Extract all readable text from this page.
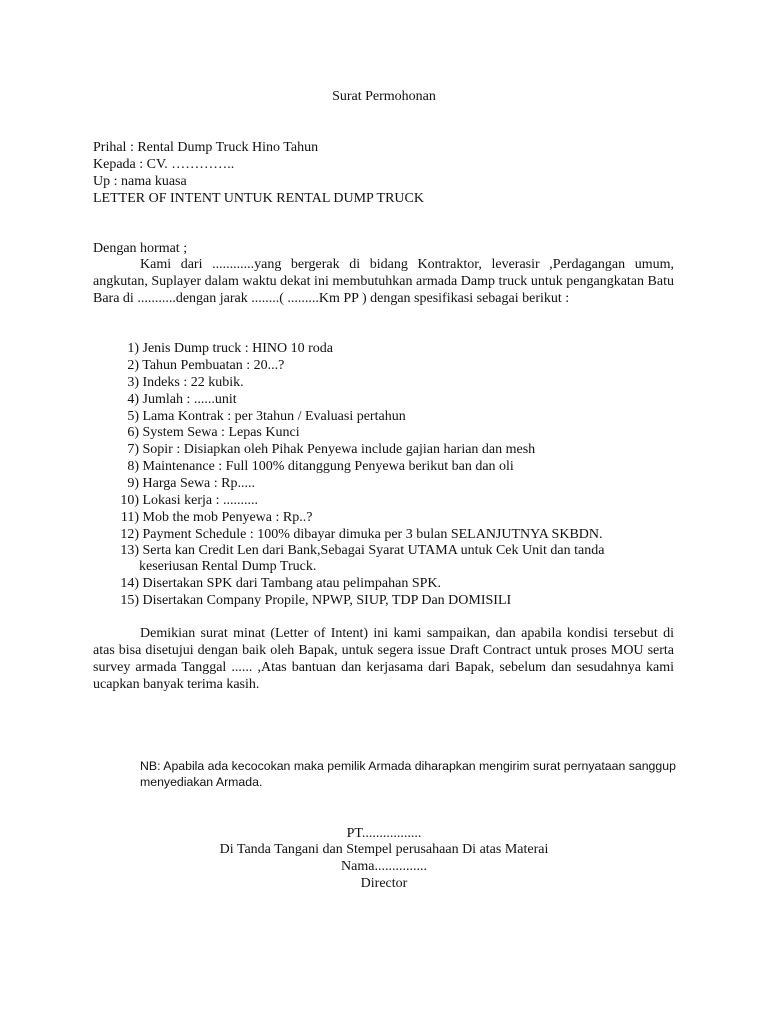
Surat Permohonan
Prihal : Rental Dump Truck Hino Tahun
Kepada : CV. …………..
Up : nama kuasa
LETTER OF INTENT UNTUK RENTAL DUMP TRUCK
Dengan hormat ;

Kami dari ............yang bergerak di bidang Kontraktor, leverasir ,Perdagangan umum, angkutan, Suplayer dalam waktu dekat ini membutuhkan armada Damp truck untuk pengangkatan Batu Bara di ...........dengan jarak ........( .........Km PP ) dengan spesifikasi sebagai berikut :

1) Jenis Dump truck : HINO 10 roda
2) Tahun Pembuatan : 20...?
3) Indeks : 22 kubik.
4) Jumlah : ......unit
5) Lama Kontrak : per 3tahun / Evaluasi pertahun
6) System Sewa : Lepas Kunci
7) Sopir : Disiapkan oleh Pihak Penyewa include gajian harian dan mesh
8) Maintenance : Full 100% ditanggung Penyewa berikut ban dan oli
9) Harga Sewa : Rp.....
10) Lokasi kerja : ..........
11) Mob the mob Penyewa : Rp..?
12) Payment Schedule : 100% dibayar dimuka per 3 bulan SELANJUTNYA SKBDN.
13) Serta kan Credit Len dari Bank,Sebagai Syarat UTAMA untuk Cek Unit dan tanda
keseriusan Rental Dump Truck.
14) Disertakan SPK dari Tambang atau pelimpahan SPK.
15) Disertakan Company Propile, NPWP, SIUP, TDP Dan DOMISILI

Demikian surat minat (Letter of Intent) ini kami sampaikan, dan apabila kondisi tersebut di atas bisa disetujui dengan baik oleh Bapak, untuk segera issue Draft Contract untuk proses MOU serta survey armada Tanggal ...... ,Atas bantuan dan kerjasama dari Bapak, sebelum dan sesudahnya kami ucapkan banyak terima kasih.

NB: Apabila ada kecocokan maka pemilik Armada diharapkan mengirim surat pernyataan sanggup menyediakan Armada.

PT.................
Di Tanda Tangani dan Stempel perusahaan Di atas Materai
Nama...............
Director
